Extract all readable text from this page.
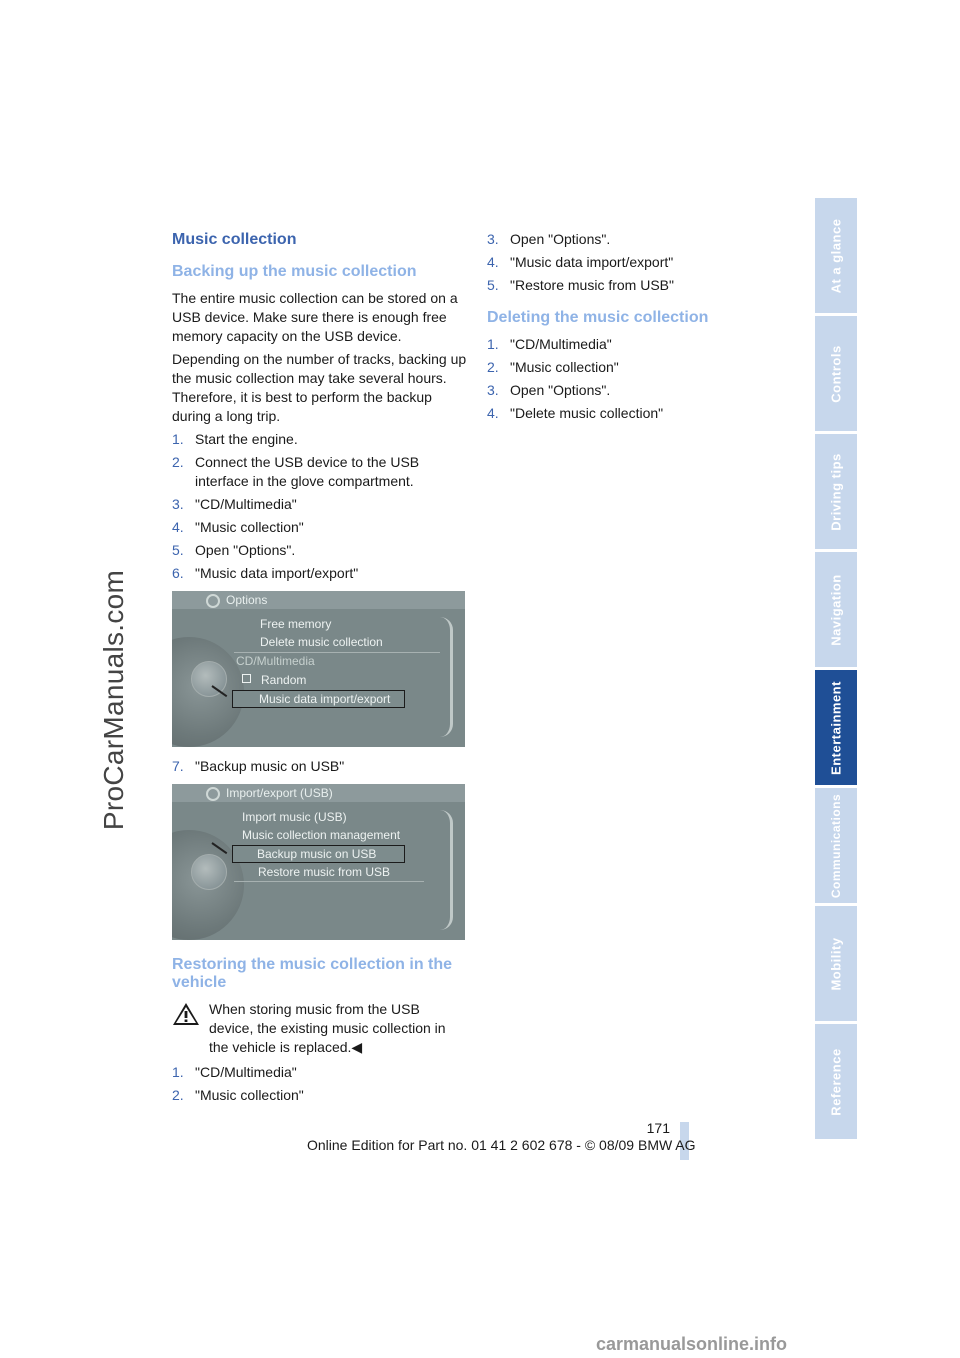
ProCarManuals.com
At a glance
Controls
Driving tips
Navigation
Entertainment
Communications
Mobility
Reference
Music collection
Backing up the music collection

The entire music collection can be stored on a USB device. Make sure there is enough free memory capacity on the USB device.

Depending on the number of tracks, backing up the music collection may take several hours. Therefore, it is best to perform the backup during a long trip.

1. Start the engine.
2. Connect the USB device to the USB interface in the glove compartment.
3. "CD/Multimedia"
4. "Music collection"
5. Open "Options".
6. "Music data import/export"
Options
Free memory
Delete music collection
CD/Multimedia
Random
Music data import/export
7. "Backup music on USB"
Import/export (USB)
Import music (USB)
Music collection management
Backup music on USB
Restore music from USB
Restoring the music collection in the vehicle
When storing music from the USB device, the existing music collection in the vehicle is replaced.◀
1. "CD/Multimedia"
2. "Music collection"
3. Open "Options".
4. "Music data import/export"
5. "Restore music from USB"
Deleting the music collection
1. "CD/Multimedia"
2. "Music collection"
3. Open "Options".
4. "Delete music collection"
171
Online Edition for Part no. 01 41 2 602 678 - © 08/09 BMW AG
carmanualsonline.info
